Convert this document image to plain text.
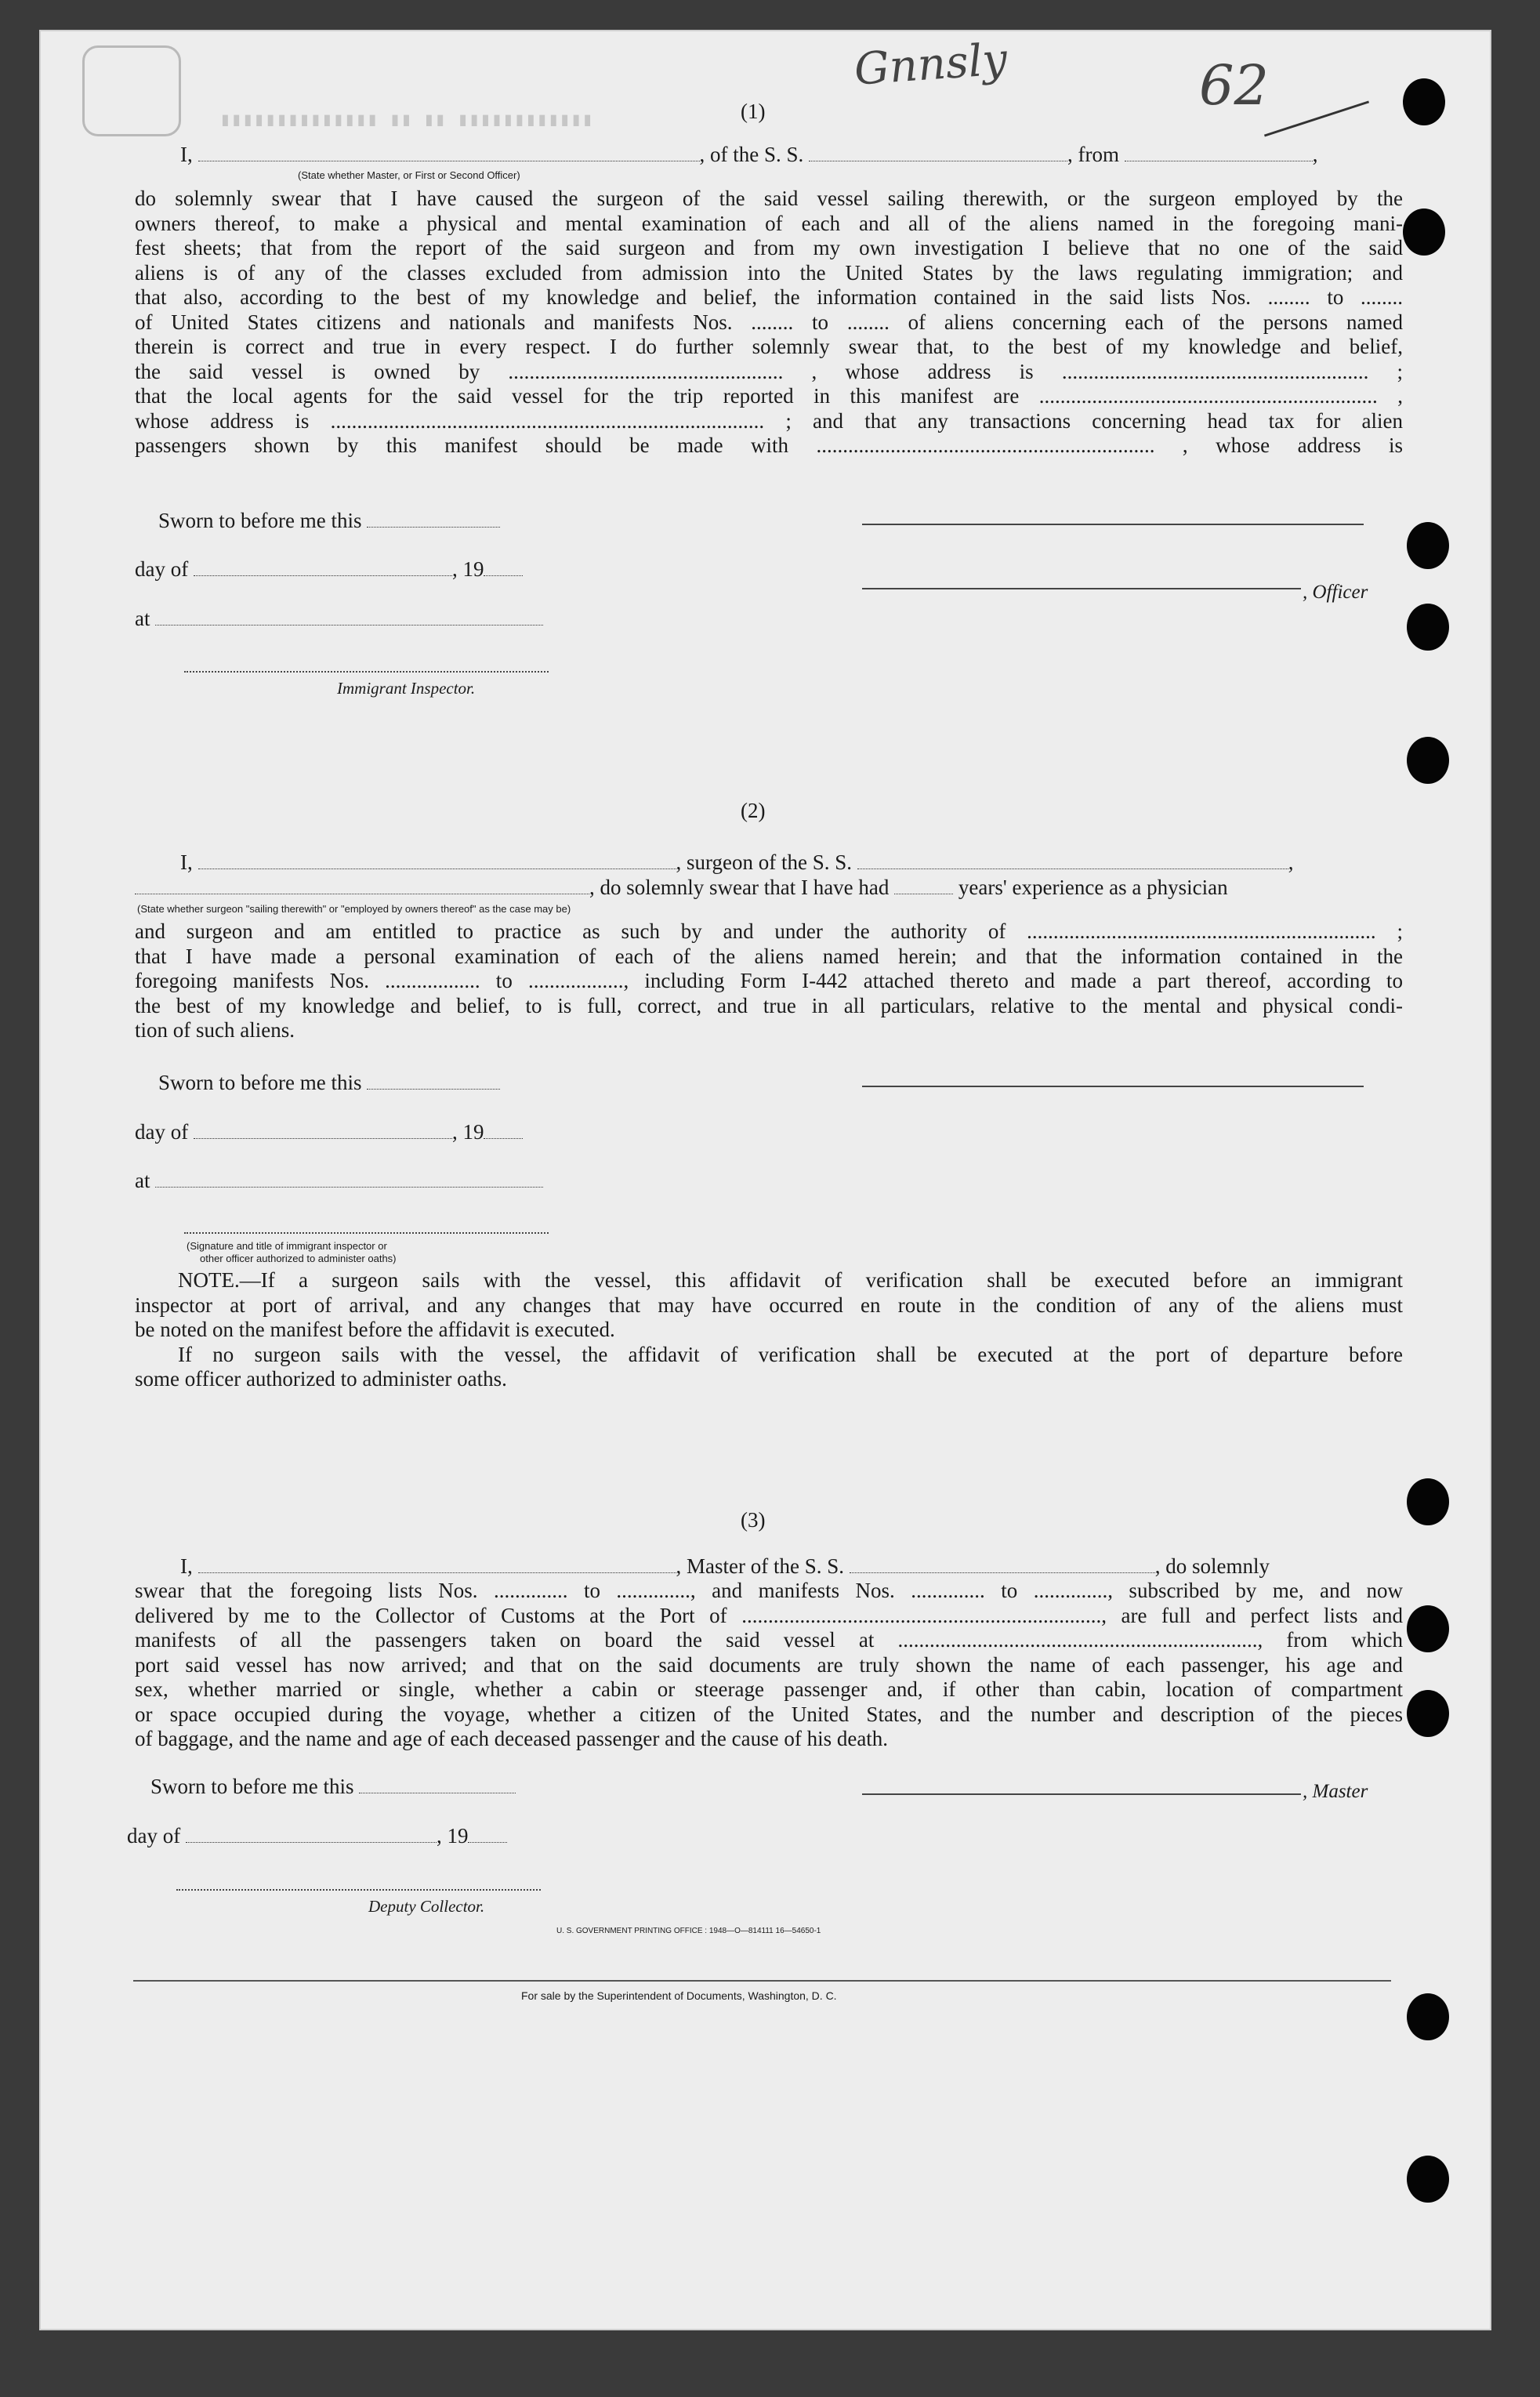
Gnnsly	62
▮▮▮▮▮▮▮▮▮▮▮▮ ▮▮ ▮▮ ▮▮▮▮▮▮▮▮▮▮▮▮▮▮	(1)
I,	, of the S. S.	, from	,
(State whether Master, or First or Second Officer)
do solemnly swear that I have caused the surgeon of the said vessel sailing therewith, or the surgeon employed by the
owners thereof, to make a physical and mental examination of each and all of the aliens named in the foregoing mani-
fest sheets; that from the report of the said surgeon and from my own investigation I believe that no one of the said
aliens is of any of the classes excluded from admission into the United States by the laws regulating immigration; and
that also, according to the best of my knowledge and belief, the information contained in the said lists Nos. ........ to ........
of United States citizens and nationals and manifests Nos. ........ to ........ of aliens concerning each of the persons named
therein is correct and true in every respect. I do further solemnly swear that, to the best of my knowledge and belief,
the said vessel is owned by .................................................... , whose address is .......................................................... ;
that the local agents for the said vessel for the trip reported in this manifest are ................................................................ ,
whose address is .................................................................................. ; and that any transactions concerning head tax for alien
passengers shown by this manifest should be made with ................................................................ , whose address is
Sworn to before me this
day of	, 19
at
Immigrant Inspector.
, Officer
(2)
I,	, surgeon of the S. S.	,
, do solemnly swear that I have had	years' experience as a physician
(State whether surgeon "sailing therewith" or "employed by owners thereof" as the case may be)
and surgeon and am entitled to practice as such by and under the authority of .................................................................. ;
that I have made a personal examination of each of the aliens named herein; and that the information contained in the
foregoing manifests Nos. .................. to .................., including Form I-442 attached thereto and made a part thereof, according to
the best of my knowledge and belief, to is full, correct, and true in all particulars, relative to the mental and physical condi-
tion of such aliens.
Sworn to before me this
day of	, 19
at
(Signature and title of immigrant inspector or
other officer authorized to administer oaths)
NOTE.—If a surgeon sails with the vessel, this affidavit of verification shall be executed before an immigrant
inspector at port of arrival, and any changes that may have occurred en route in the condition of any of the aliens must
be noted on the manifest before the affidavit is executed.
If no surgeon sails with the vessel, the affidavit of verification shall be executed at the port of departure before
some officer authorized to administer oaths.
(3)
I,	, Master of the S. S.	, do solemnly
swear that the foregoing lists Nos. .............. to .............., and manifests Nos. .............. to .............., subscribed by me, and now
delivered by me to the Collector of Customs at the Port of ...................................................................., are full and perfect lists and
manifests of all the passengers taken on board the said vessel at ...................................................................., from which
port said vessel has now arrived; and that on the said documents are truly shown the name of each passenger, his age and
sex, whether married or single, whether a cabin or steerage passenger and, if other than cabin, location of compartment
or space occupied during the voyage, whether a citizen of the United States, and the number and description of the pieces
of baggage, and the name and age of each deceased passenger and the cause of his death.
Sworn to before me this
day of	, 19
, Master
Deputy Collector.
U. S. GOVERNMENT PRINTING OFFICE : 1948—O—814111 16—54650-1
For sale by the Superintendent of Documents, Washington, D. C.
